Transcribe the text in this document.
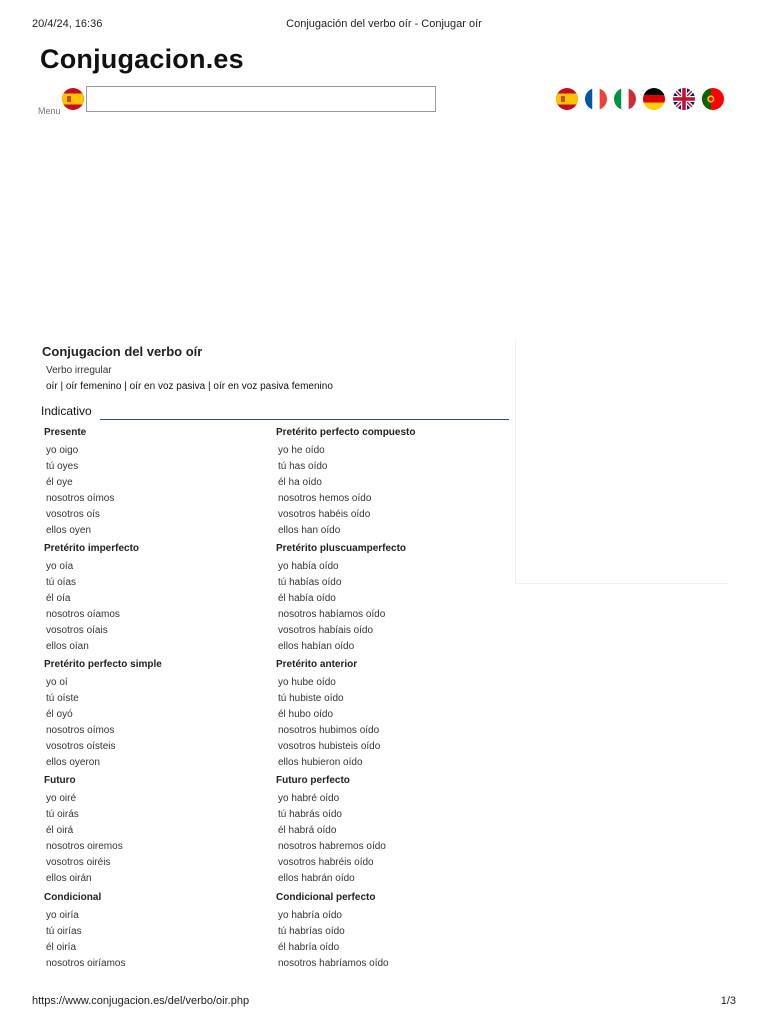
20/4/24, 16:36	Conjugación del verbo oír - Conjugar oír
Conjugacion.es
Menu
Conjugacion del verbo oír
Verbo irregular
oír | oír femenino | oír en voz pasiva | oír en voz pasiva femenino
Indicativo
Presente
yo oigo
tú oyes
él oye
nosotros oímos
vosotros oís
ellos oyen
Pretérito perfecto compuesto
yo he oído
tú has oído
él ha oído
nosotros hemos oído
vosotros habéis oído
ellos han oído
Pretérito imperfecto
yo oía
tú oías
él oía
nosotros oíamos
vosotros oíais
ellos oían
Pretérito pluscuamperfecto
yo había oído
tú habías oído
él había oído
nosotros habíamos oído
vosotros habíais oído
ellos habían oído
Pretérito perfecto simple
yo oí
tú oíste
él oyó
nosotros oímos
vosotros oísteis
ellos oyeron
Pretérito anterior
yo hube oído
tú hubiste oído
él hubo oído
nosotros hubimos oído
vosotros hubisteis oído
ellos hubieron oído
Futuro
yo oiré
tú oirás
él oirá
nosotros oiremos
vosotros oiréis
ellos oirán
Futuro perfecto
yo habré oído
tú habrás oído
él habrá oído
nosotros habremos oído
vosotros habréis oído
ellos habrán oído
Condicional
yo oiría
tú oirías
él oiría
nosotros oiríamos
Condicional perfecto
yo habría oído
tú habrías oído
él habría oído
nosotros habríamos oído
https://www.conjugacion.es/del/verbo/oir.php	1/3
